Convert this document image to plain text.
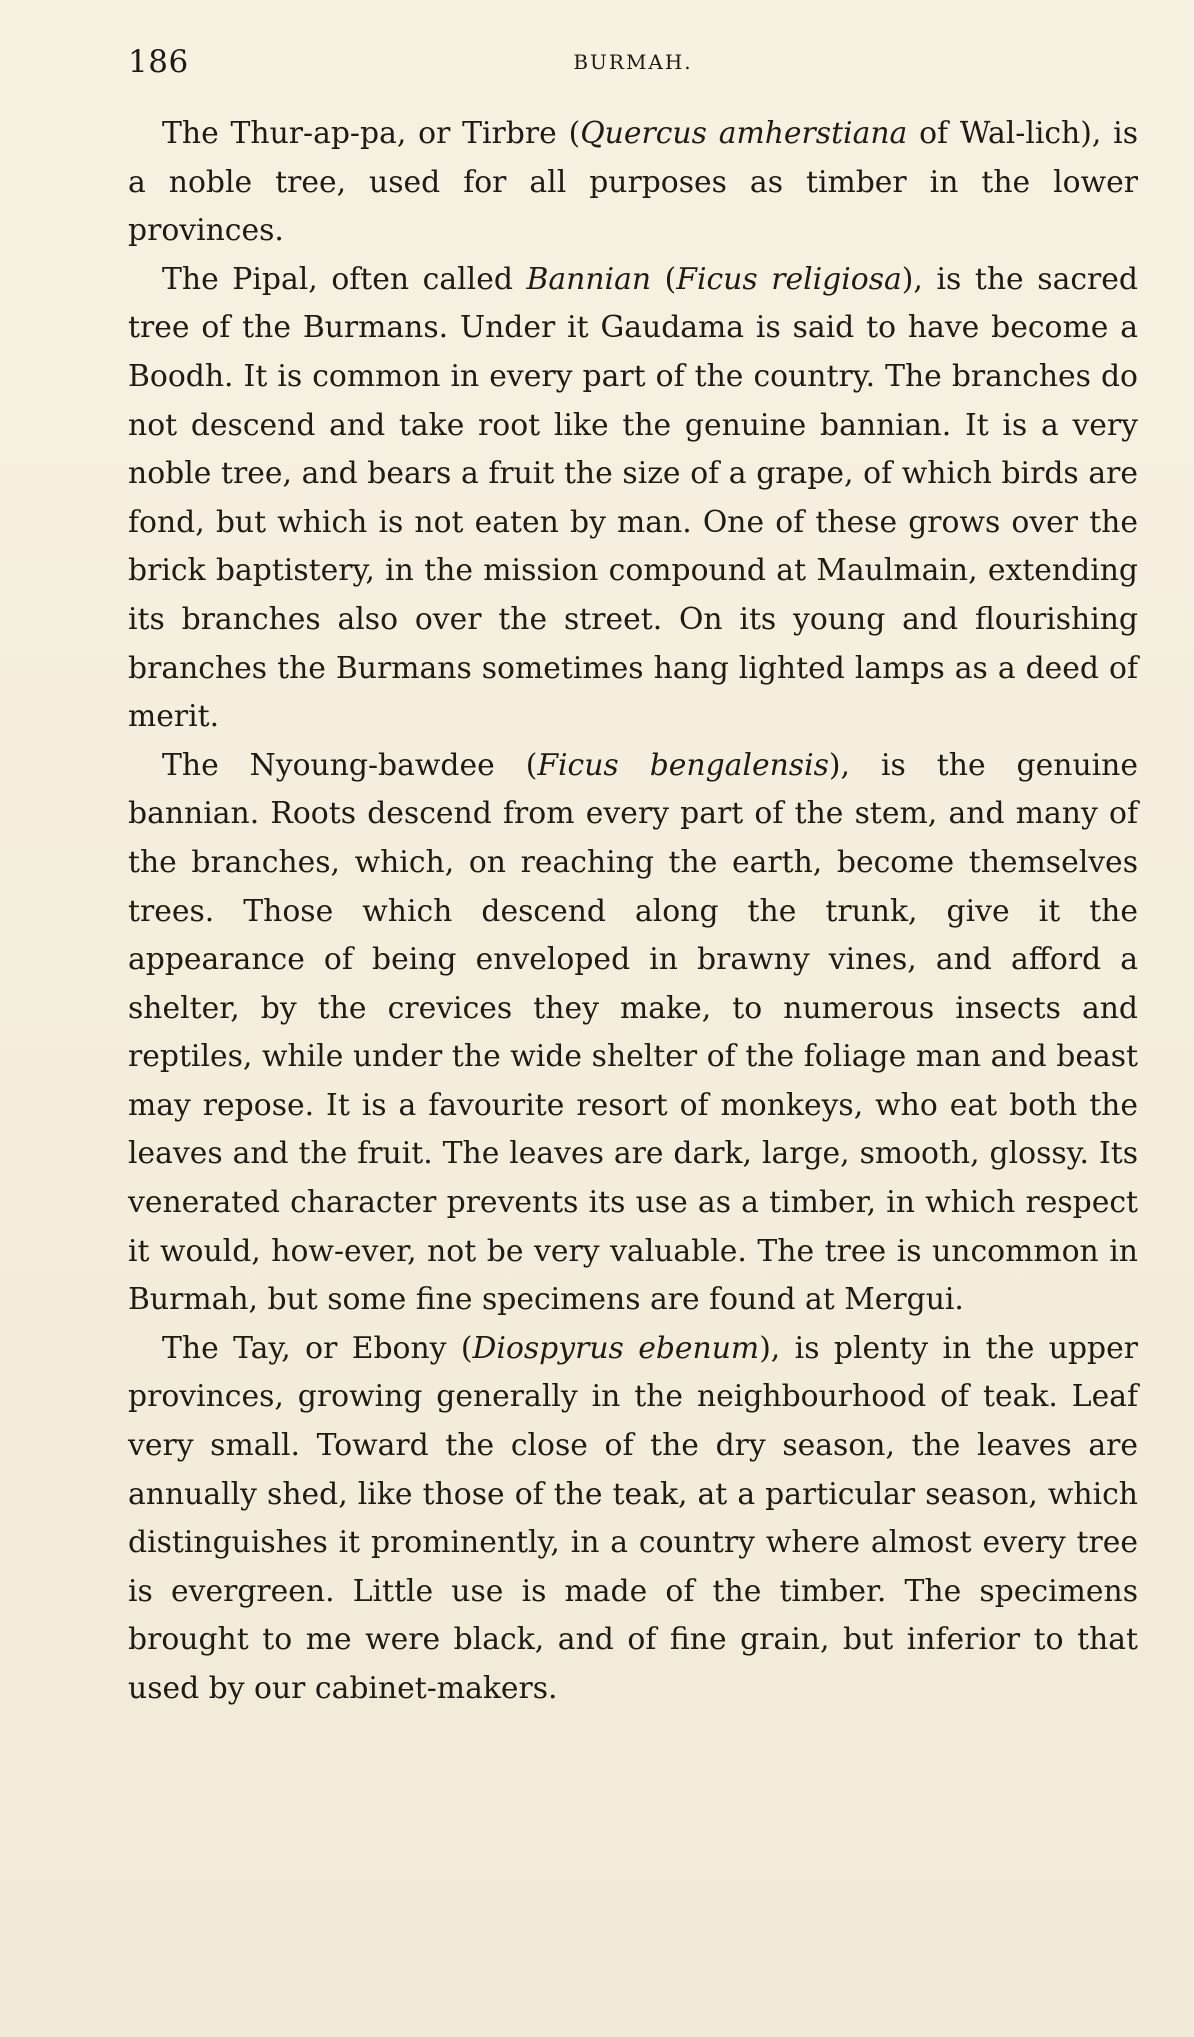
186	BURMAH.

The Thur-ap-pa, or Tirbre (Quercus amherstiana of Wal-lich), is a noble tree, used for all purposes as timber in the lower provinces.

The Pipal, often called Bannian (Ficus religiosa), is the sacred tree of the Burmans. Under it Gaudama is said to have become a Boodh. It is common in every part of the country. The branches do not descend and take root like the genuine bannian. It is a very noble tree, and bears a fruit the size of a grape, of which birds are fond, but which is not eaten by man. One of these grows over the brick baptistery, in the mission compound at Maulmain, extending its branches also over the street. On its young and flourishing branches the Burmans sometimes hang lighted lamps as a deed of merit.

The Nyoung-bawdee (Ficus bengalensis), is the genuine bannian. Roots descend from every part of the stem, and many of the branches, which, on reaching the earth, become themselves trees. Those which descend along the trunk, give it the appearance of being enveloped in brawny vines, and afford a shelter, by the crevices they make, to numerous insects and reptiles, while under the wide shelter of the foliage man and beast may repose. It is a favourite resort of monkeys, who eat both the leaves and the fruit. The leaves are dark, large, smooth, glossy. Its venerated character prevents its use as a timber, in which respect it would, how-ever, not be very valuable. The tree is uncommon in Burmah, but some fine specimens are found at Mergui.

The Tay, or Ebony (Diospyrus ebenum), is plenty in the upper provinces, growing generally in the neighbourhood of teak. Leaf very small. Toward the close of the dry season, the leaves are annually shed, like those of the teak, at a particular season, which distinguishes it prominently, in a country where almost every tree is evergreen. Little use is made of the timber. The specimens brought to me were black, and of fine grain, but inferior to that used by our cabinet-makers.
